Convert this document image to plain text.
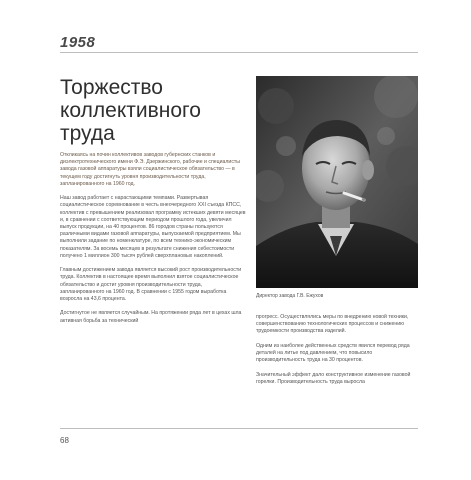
1958
Торжество
коллективного
труда

Откликаясь на почин коллективов заводов губернских станков и диэлектротехнического имени Ф.Э. Дзержинского, рабочие и специалисты завода газовой аппаратуры взяли социалистическое обязательство — в текущем году достигнуть уровня производительности труда, запланированного на 1960 год.

Наш завод работает с нарастающими темпами. Развертывая социалистическое соревнование в честь внеочередного XXI съезда КПСС, коллектив с превышением реализовал программу истекших девяти месяцев и, в сравнении с соответствующим периодом прошлого года, увеличил выпуск продукции, на 40 процентов. 86 городов страны пользуются различными видами газовой аппаратуры, выпускаемой предприятием. Мы выполнили задание по номенклатуре, по всем технико-экономическим показателям. За восемь месяцев в результате снижения себестоимости получено 1 миллион 300 тысяч рублей сверхплановых накоплений.

Главным достижением завода является высокий рост производительности труда. Коллектив в настоящее время выполнил взятое социалистическое обязательство и достиг уровня производительности труда, запланированного на 1960 год. В сравнении с 1955 годом выработка возросла на 43,6 процента.

Достигнутое не является случайным. На протяжении ряда лет в цехах шла активная борьба за технический

Директор завода Г.В. Ежухов

прогресс. Осуществлялись меры по внедрению новой техники, совершенствованию технологических процессов и снижению трудоемкости производства изделий.

Одним из наиболее действенных средств явился перевод ряда деталей на литье под давлением, что повысило производительность труда на 30 процентов.

Значительный эффект дало конструктивное изменение газовой горелки. Производительность труда выросла

68
